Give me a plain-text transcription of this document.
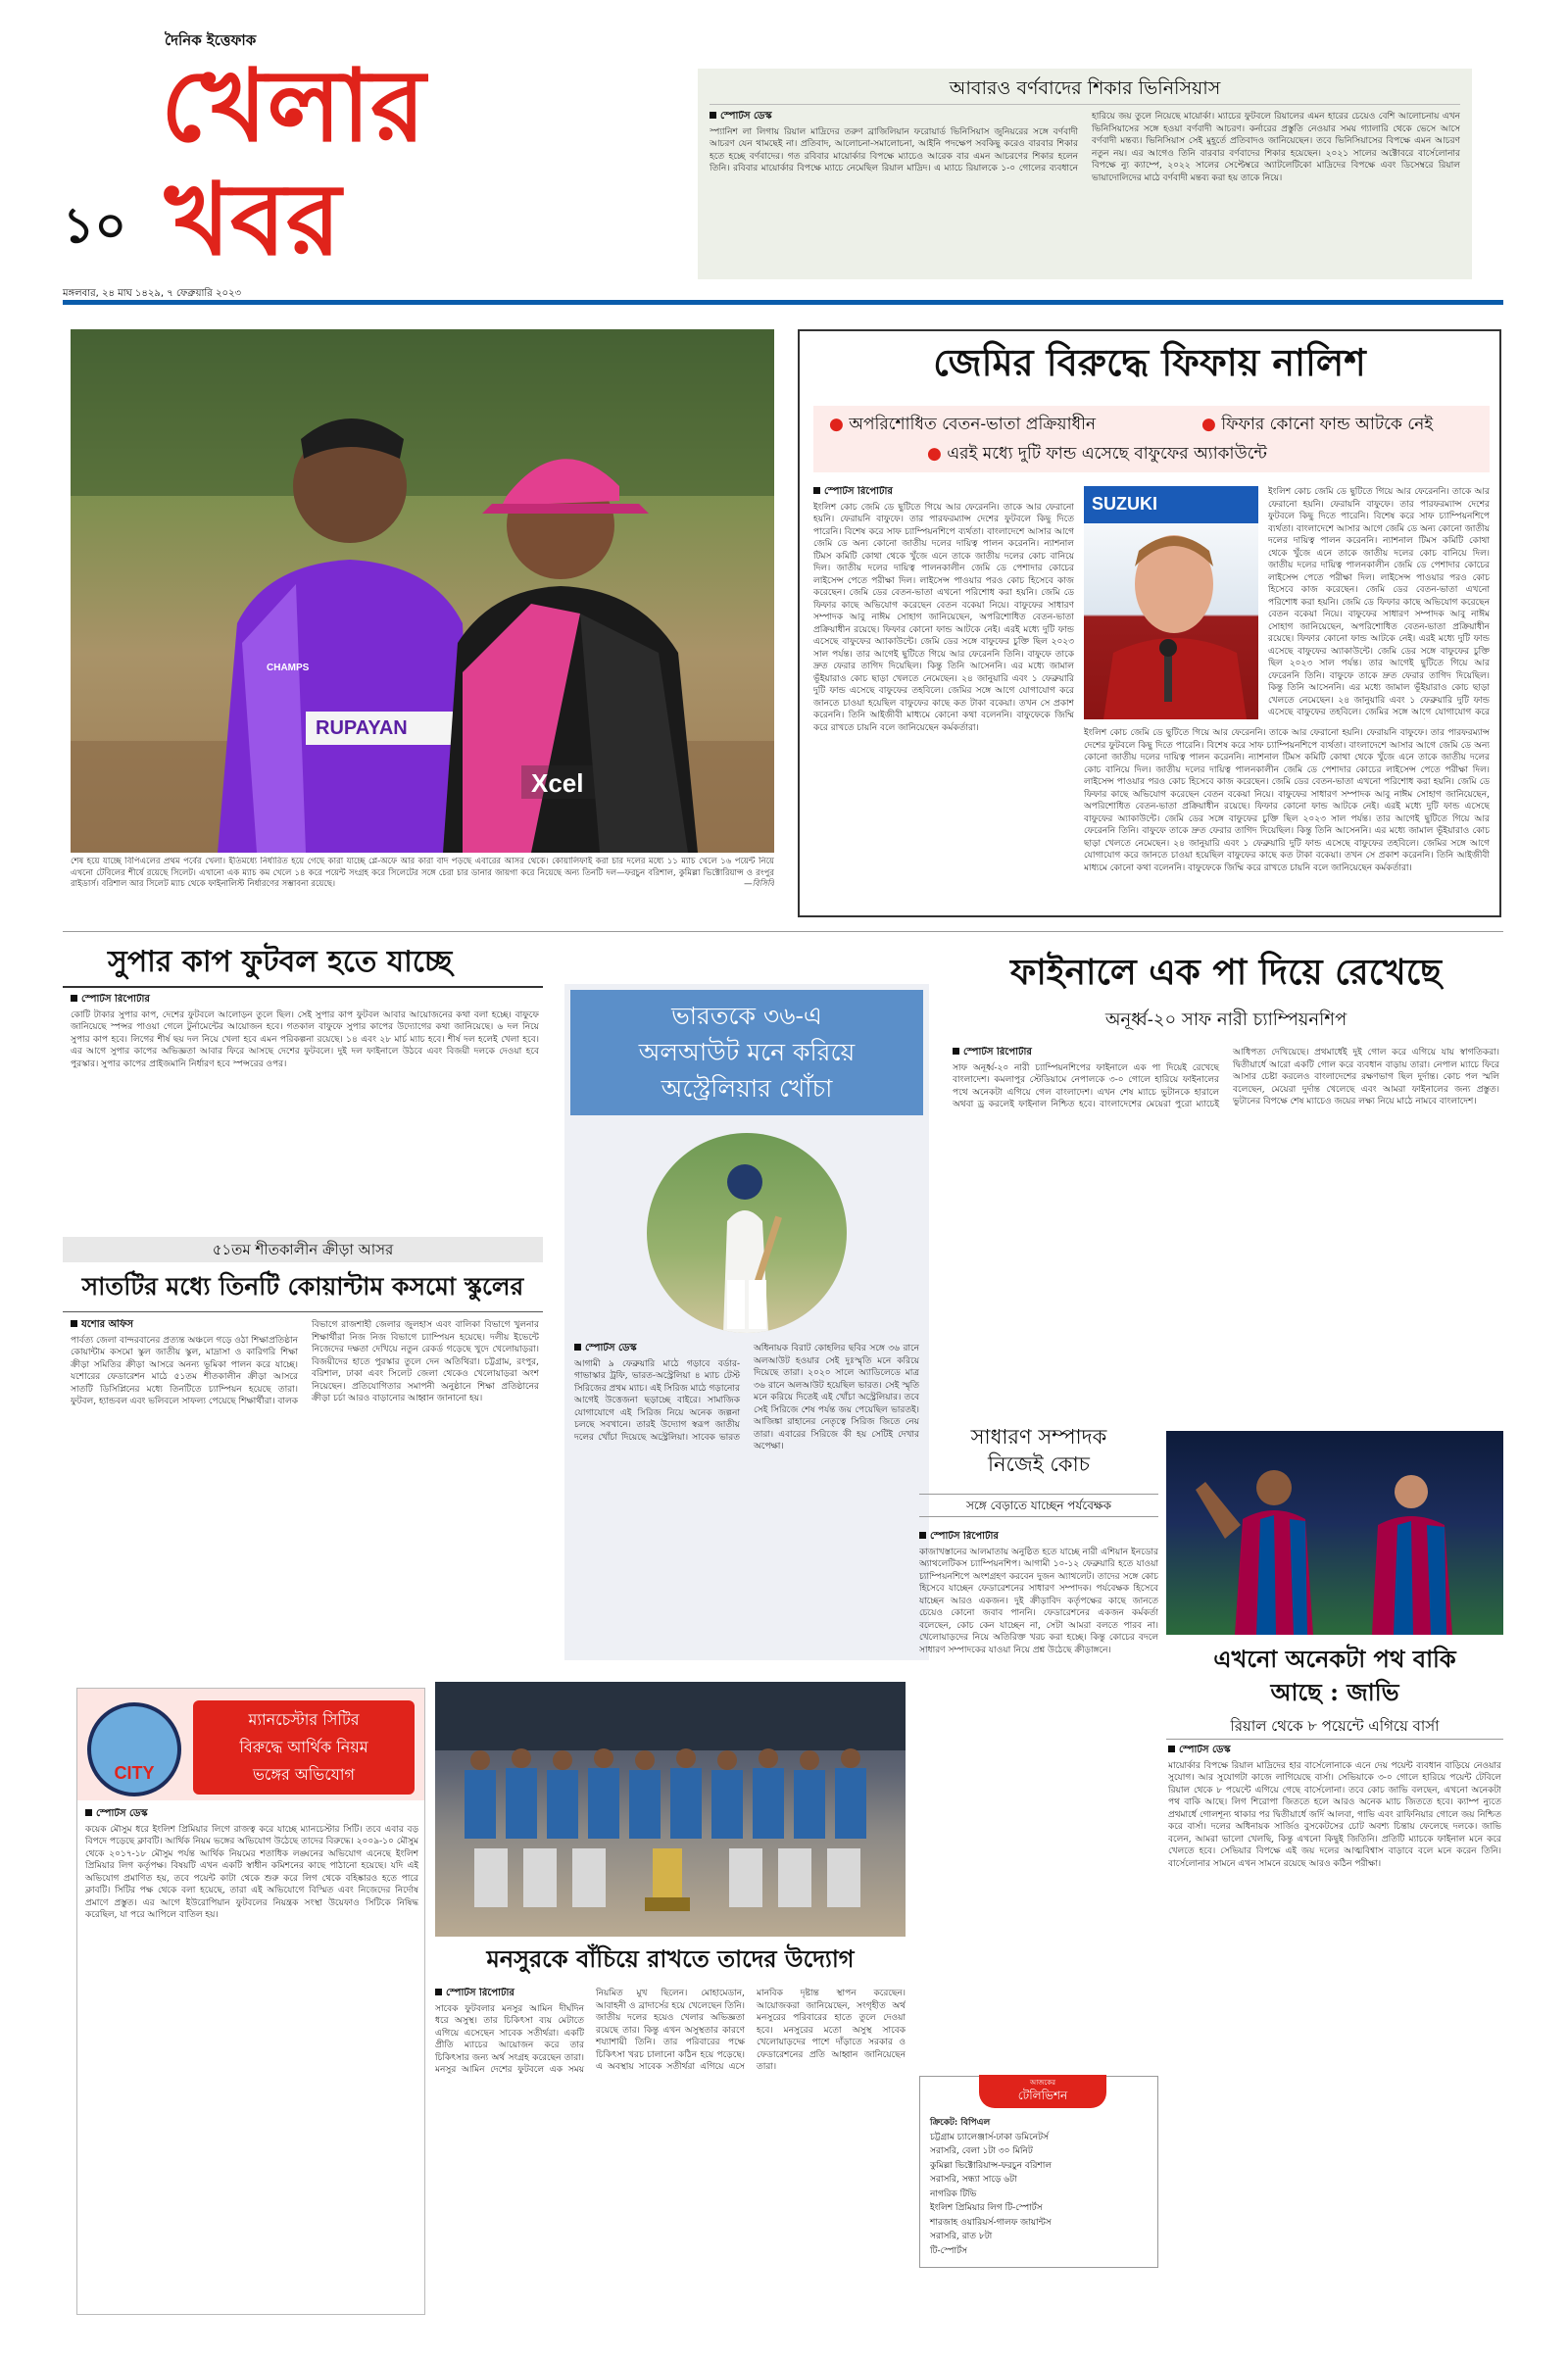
দৈনিক ইত্তেফাক
খেলার
১০ খবর
মঙ্গলবার, ২৪ মাঘ ১৪২৯, ৭ ফেব্রুয়ারি ২০২৩
আবারও বর্ণবাদের শিকার ভিনিসিয়াস
স্পোর্টস ডেস্ক
স্প্যানিশ লা লিগায় রিয়াল মাদ্রিদের তরুণ ব্রাজিলিয়ান ফরোয়ার্ড ভিনিসিয়াস জুনিয়রের সঙ্গে বর্ণবাদী আচরণ যেন থামছেই না। প্রতিবাদ, আলোচনা-সমালোচনা, আইনি পদক্ষেপ সবকিছু করেও বারবার শিকার হতে হচ্ছে বর্ণবাদের। গত রবিবার মায়োর্কার বিপক্ষে ম্যাচেও আরেক বার এমন আচরণের শিকার হলেন তিনি। রবিবার মায়োর্কার বিপক্ষে ম্যাচে নেমেছিল রিয়াল মাদ্রিদ। এ ম্যাচে রিয়ালকে ১-০ গোলের ব্যবধানে হারিয়ে জয় তুলে নিয়েছে মায়োর্কা। ম্যাচের ফুটবলে রিয়ালের এমন হারের চেয়েও বেশি আলোচনায় এখন ভিনিসিয়াসের সঙ্গে হওয়া বর্ণবাদী আচরণ। কর্নারের প্রস্তুতি নেওয়ার সময় গ্যালারি থেকে ভেসে আসে বর্ণবাদী মন্তব্য। ভিনিসিয়াস সেই মুহূর্তে প্রতিবাদও জানিয়েছেন। তবে ভিনিসিয়াসের বিপক্ষে এমন আচরণ নতুন নয়। এর আগেও তিনি বারবার বর্ণবাদের শিকার হয়েছেন। ২০২১ সালের অক্টোবরে বার্সেলোনার বিপক্ষে ন্যু ক্যাম্পে, ২০২২ সালের সেপ্টেম্বরে অ্যাটলেটিকো মাদ্রিদের বিপক্ষে এবং ডিসেম্বরে রিয়াল ভায়াদোলিদের মাঠে বর্ণবাদী মন্তব্য করা হয় তাকে নিয়ে।
RUPAYAN
CHAMPS
Xcel
শেষ হয়ে যাচ্ছে বিপিএলের প্রথম পর্বের খেলা। ইতিমধ্যে নির্ধারিত হয়ে গেছে কারা যাচ্ছে প্লে-অফে আর কারা বাদ পড়ছে এবারের আসর থেকে। কোয়ালিফাই করা চার দলের মধ্যে ১১ ম্যাচ খেলে ১৬ পয়েন্ট নিয়ে এখনো টেবিলের শীর্ষে রয়েছে সিলেট। এখানো এক ম্যাচ কম খেলে ১৪ করে পয়েন্ট সংগ্রহ করে সিলেটের সঙ্গে চেরা চার ডানার জায়গা করে নিয়েছে অন্য তিনটি দল—ফরচুন বরিশাল, কুমিল্লা ভিক্টোরিয়ান্স ও রংপুর রাইডার্স। বরিশাল আর সিলেট ম্যাচ থেকে ফাইনালিস্ট নির্ধারণের সম্ভাবনা রয়েছে।	—বিসিবি
জেমির বিরুদ্ধে ফিফায় নালিশ
● অপরিশোধিত বেতন-ভাতা প্রক্রিয়াধীন	● ফিফার কোনো ফান্ড আটকে নেই
● এরই মধ্যে দুটি ফান্ড এসেছে বাফুফের অ্যাকাউন্টে
SUZUKI
স্পোর্টস রিপোর্টার
ইংলিশ কোচ জেমি ডে ছুটিতে গিয়ে আর ফেরেননি। তাকে আর ফেরানো হয়নি। ফেরায়নি বাফুফে। তার পারফরম্যান্স দেশের ফুটবলে কিছু দিতে পারেনি। বিশেষ করে সাফ চ্যাম্পিয়নশিপে ব্যর্থতা। বাংলাদেশে আসার আগে জেমি ডে অন্য কোনো জাতীয় দলের দায়িত্ব পালন করেননি। ন্যাশনাল টিমস কমিটি কোথা থেকে খুঁজে এনে তাকে জাতীয় দলের কোচ বানিয়ে দিল। জাতীয় দলের দায়িত্ব পালনকালীন জেমি ডে পেশাদার কোচের লাইসেন্স পেতে পরীক্ষা দিল। লাইসেন্স পাওয়ার পরও কোচ হিসেবে কাজ করেছেন। জেমি ডের বেতন-ভাতা এখনো পরিশোধ করা হয়নি। জেমি ডে ফিফার কাছে অভিযোগ করেছেন বেতন বকেয়া নিয়ে। বাফুফের সাধারণ সম্পাদক আবু নাঈম সোহাগ জানিয়েছেন, অপরিশোধিত বেতন-ভাতা প্রক্রিয়াধীন রয়েছে। ফিফার কোনো ফান্ড আটকে নেই। এরই মধ্যে দুটি ফান্ড এসেছে বাফুফের অ্যাকাউন্টে। জেমি ডের সঙ্গে বাফুফের চুক্তি ছিল ২০২৩ সাল পর্যন্ত। তার আগেই ছুটিতে গিয়ে আর ফেরেননি তিনি। বাফুফে তাকে দ্রুত ফেরার তাগিদ দিয়েছিল। কিন্তু তিনি আসেননি। এর মধ্যে জামাল ভূঁইয়ারাও কোচ ছাড়া খেলতে নেমেছেন। ২৪ জানুয়ারি এবং ১ ফেব্রুয়ারি দুটি ফান্ড এসেছে বাফুফের তহবিলে। জেমির সঙ্গে আগে যোগাযোগ করে জানতে চাওয়া হয়েছিল বাফুফের কাছে কত টাকা বকেয়া। তখন সে প্রকাশ করেননি। তিনি আইজীবী মাধ্যমে কোনো কথা বলেননি। বাফুফেকে জিম্মি করে রাখতে চায়নি বলে জানিয়েছেন কর্মকর্তারা।
ইংলিশ কোচ জেমি ডে ছুটিতে গিয়ে আর ফেরেননি। তাকে আর ফেরানো হয়নি। ফেরায়নি বাফুফে। তার পারফরম্যান্স দেশের ফুটবলে কিছু দিতে পারেনি। বিশেষ করে সাফ চ্যাম্পিয়নশিপে ব্যর্থতা। বাংলাদেশে আসার আগে জেমি ডে অন্য কোনো জাতীয় দলের দায়িত্ব পালন করেননি। ন্যাশনাল টিমস কমিটি কোথা থেকে খুঁজে এনে তাকে জাতীয় দলের কোচ বানিয়ে দিল। জাতীয় দলের দায়িত্ব পালনকালীন জেমি ডে পেশাদার কোচের লাইসেন্স পেতে পরীক্ষা দিল। লাইসেন্স পাওয়ার পরও কোচ হিসেবে কাজ করেছেন। জেমি ডের বেতন-ভাতা এখনো পরিশোধ করা হয়নি। জেমি ডে ফিফার কাছে অভিযোগ করেছেন বেতন বকেয়া নিয়ে। বাফুফের সাধারণ সম্পাদক আবু নাঈম সোহাগ জানিয়েছেন, অপরিশোধিত বেতন-ভাতা প্রক্রিয়াধীন রয়েছে। ফিফার কোনো ফান্ড আটকে নেই। এরই মধ্যে দুটি ফান্ড এসেছে বাফুফের অ্যাকাউন্টে। জেমি ডের সঙ্গে বাফুফের চুক্তি ছিল ২০২৩ সাল পর্যন্ত। তার আগেই ছুটিতে গিয়ে আর ফেরেননি তিনি। বাফুফে তাকে দ্রুত ফেরার তাগিদ দিয়েছিল। কিন্তু তিনি আসেননি। এর মধ্যে জামাল ভূঁইয়ারাও কোচ ছাড়া খেলতে নেমেছেন। ২৪ জানুয়ারি এবং ১ ফেব্রুয়ারি দুটি ফান্ড এসেছে বাফুফের তহবিলে। জেমির সঙ্গে আগে যোগাযোগ করে
ইংলিশ কোচ জেমি ডে ছুটিতে গিয়ে আর ফেরেননি। তাকে আর ফেরানো হয়নি। ফেরায়নি বাফুফে। তার পারফরম্যান্স দেশের ফুটবলে কিছু দিতে পারেনি। বিশেষ করে সাফ চ্যাম্পিয়নশিপে ব্যর্থতা। বাংলাদেশে আসার আগে জেমি ডে অন্য কোনো জাতীয় দলের দায়িত্ব পালন করেননি। ন্যাশনাল টিমস কমিটি কোথা থেকে খুঁজে এনে তাকে জাতীয় দলের কোচ বানিয়ে দিল। জাতীয় দলের দায়িত্ব পালনকালীন জেমি ডে পেশাদার কোচের লাইসেন্স পেতে পরীক্ষা দিল। লাইসেন্স পাওয়ার পরও কোচ হিসেবে কাজ করেছেন। জেমি ডের বেতন-ভাতা এখনো পরিশোধ করা হয়নি। জেমি ডে ফিফার কাছে অভিযোগ করেছেন বেতন বকেয়া নিয়ে। বাফুফের সাধারণ সম্পাদক আবু নাঈম সোহাগ জানিয়েছেন, অপরিশোধিত বেতন-ভাতা প্রক্রিয়াধীন রয়েছে। ফিফার কোনো ফান্ড আটকে নেই। এরই মধ্যে দুটি ফান্ড এসেছে বাফুফের অ্যাকাউন্টে। জেমি ডের সঙ্গে বাফুফের চুক্তি ছিল ২০২৩ সাল পর্যন্ত। তার আগেই ছুটিতে গিয়ে আর ফেরেননি তিনি। বাফুফে তাকে দ্রুত ফেরার তাগিদ দিয়েছিল। কিন্তু তিনি আসেননি। এর মধ্যে জামাল ভূঁইয়ারাও কোচ ছাড়া খেলতে নেমেছেন। ২৪ জানুয়ারি এবং ১ ফেব্রুয়ারি দুটি ফান্ড এসেছে বাফুফের তহবিলে। জেমির সঙ্গে আগে যোগাযোগ করে জানতে চাওয়া হয়েছিল বাফুফের কাছে কত টাকা বকেয়া। তখন সে প্রকাশ করেননি। তিনি আইজীবী মাধ্যমে কোনো কথা বলেননি। বাফুফেকে জিম্মি করে রাখতে চায়নি বলে জানিয়েছেন কর্মকর্তারা।
সুপার কাপ ফুটবল হতে যাচ্ছে
স্পোর্টস রিপোর্টার
কোটি টাকার সুপার কাপ, দেশের ফুটবলে আলোড়ন তুলে ছিল। সেই সুপার কাপ ফুটবল আবার আয়োজনের কথা বলা হচ্ছে। বাফুফে জানিয়েছে স্পন্সর পাওয়া গেলে টুর্নামেন্টের আয়োজন হবে। গতকাল বাফুফে সুপার কাপের উদ্যোগের কথা জানিয়েছে। ৬ দল নিয়ে সুপার কাপ হবে। লিগের শীর্ষ ছয় দল নিয়ে খেলা হবে এমন পরিকল্পনা রয়েছে। ১৪ এবং ২৮ মার্চ ম্যাচ হবে। শীর্ষ দল হলেই খেলা হবে। এর আগে সুপার কাপের অভিজ্ঞতা আবার ফিরে আসছে দেশের ফুটবলে। দুই দল ফাইনালে উঠবে এবং বিজয়ী দলকে দেওয়া হবে পুরস্কার। সুপার কাপের প্রাইজমানি নির্ধারণ হবে স্পন্সরের ওপর।
৫১তম শীতকালীন ক্রীড়া আসর
সাতটির মধ্যে তিনটি কোয়ান্টাম কসমো স্কুলের
যশোর অফিস
পার্বত্য জেলা বান্দরবানের প্রত্যন্ত অঞ্চলে গড়ে ওঠা শিক্ষাপ্রতিষ্ঠান কোয়ান্টাম কসমো স্কুল জাতীয় স্কুল, মাদ্রাসা ও কারিগরি শিক্ষা ক্রীড়া সমিতির ক্রীড়া আসরে অনন্য ভূমিকা পালন করে যাচ্ছে। যশোরের ফেডারেশন মাঠে ৫১তম শীতকালীন ক্রীড়া আসরে সাতটি ডিসিপ্লিনের মধ্যে তিনটিতে চ্যাম্পিয়ন হয়েছে তারা। ফুটবল, হ্যান্ডবল এবং ভলিবলে সাফল্য পেয়েছে শিক্ষার্থীরা। বালক বিভাগে রাজশাহী জেলার জুলহাস এবং বালিকা বিভাগে খুলনার শিক্ষার্থীরা নিজ নিজ বিভাগে চ্যাম্পিয়ন হয়েছে। দলীয় ইভেন্টে নিজেদের দক্ষতা দেখিয়ে নতুন রেকর্ড গড়েছে খুদে খেলোয়াড়রা। বিজয়ীদের হাতে পুরস্কার তুলে দেন অতিথিরা। চট্টগ্রাম, রংপুর, বরিশাল, ঢাকা এবং সিলেট জেলা থেকেও খেলোয়াড়রা অংশ নিয়েছেন। প্রতিযোগিতার সমাপনী অনুষ্ঠানে শিক্ষা প্রতিষ্ঠানের ক্রীড়া চর্চা আরও বাড়ানোর আহ্বান জানানো হয়।
ভারতকে ৩৬-এ
অলআউট মনে করিয়ে
অস্ট্রেলিয়ার খোঁচা
স্পোর্টস ডেস্ক
আগামী ৯ ফেব্রুয়ারি মাঠে গড়াবে বর্ডার-গাভাস্কার ট্রফি, ভারত-অস্ট্রেলিয়া ৪ ম্যাচ টেস্ট সিরিজের প্রথম ম্যাচ। এই সিরিজ মাঠে গড়ানোর আগেই উত্তেজনা ছড়াচ্ছে বাইরে। সামাজিক যোগাযোগে এই সিরিজ নিয়ে অনেক জল্পনা চলছে সবখানে। তারই উদ্যোগ স্বরূপ জাতীয় দলের খোঁচা দিয়েছে অস্ট্রেলিয়া। সাবেক ভারত অধিনায়ক বিরাট কোহলির ছবির সঙ্গে ৩৬ রানে অলআউট হওয়ার সেই দুঃস্মৃতি মনে করিয়ে দিয়েছে তারা। ২০২০ সালে অ্যাডিলেডে মাত্র ৩৬ রানে অলআউট হয়েছিল ভারত। সেই স্মৃতি মনে করিয়ে দিতেই এই খোঁচা অস্ট্রেলিয়ার। তবে সেই সিরিজে শেষ পর্যন্ত জয় পেয়েছিল ভারতই। আজিঙ্কা রাহানের নেতৃত্বে সিরিজ জিতে নেয় তারা। এবারের সিরিজে কী হয় সেটিই দেখার অপেক্ষা।
ফাইনালে এক পা দিয়ে রেখেছে
অনূর্ধ্ব-২০ সাফ নারী চ্যাম্পিয়নশিপ
স্পোর্টস রিপোর্টার
সাফ অনূর্ধ্ব-২০ নারী চ্যাম্পিয়নশিপের ফাইনালে এক পা দিয়েই রেখেছে বাংলাদেশ। কমলাপুর স্টেডিয়ামে নেপালকে ৩-০ গোলে হারিয়ে ফাইনালের পথে অনেকটা এগিয়ে গেল বাংলাদেশ। এখন শেষ ম্যাচে ভুটানকে হারালে অথবা ড্র করলেই ফাইনাল নিশ্চিত হবে। বাংলাদেশের মেয়েরা পুরো ম্যাচেই আধিপত্য দেখিয়েছে। প্রথমার্ধেই দুই গোল করে এগিয়ে যায় স্বাগতিকরা। দ্বিতীয়ার্ধে আরো একটি গোল করে ব্যবধান বাড়ায় তারা। নেপাল ম্যাচে ফিরে আসার চেষ্টা করলেও বাংলাদেশের রক্ষণভাগ ছিল দুর্দান্ত। কোচ পল স্মলি বলেছেন, মেয়েরা দুর্দান্ত খেলেছে এবং আমরা ফাইনালের জন্য প্রস্তুত। ভুটানের বিপক্ষে শেষ ম্যাচেও জয়ের লক্ষ্য নিয়ে মাঠে নামবে বাংলাদেশ।
সাধারণ সম্পাদক
নিজেই কোচ
সঙ্গে বেড়াতে যাচ্ছেন পর্যবেক্ষক
স্পোর্টস রিপোর্টার
কাজাখস্তানের আলমাতায় অনুষ্ঠিত হতে যাচ্ছে নারী এশিয়ান ইনডোর অ্যাথলেটিকস চ্যাম্পিয়নশিপ। আগামী ১০-১২ ফেব্রুয়ারি হতে যাওয়া চ্যাম্পিয়নশিপে অংশগ্রহণ করবেন দুজন অ্যাথলেট। তাদের সঙ্গে কোচ হিসেবে যাচ্ছেন ফেডারেশনের সাধারণ সম্পাদক। পর্যবেক্ষক হিসেবে যাচ্ছেন আরও একজন। দুই ক্রীড়াবিদ কর্তৃপক্ষের কাছে জানতে চেয়েও কোনো জবাব পাননি। ফেডারেশনের একজন কর্মকর্তা বলেছেন, কোচ কেন যাচ্ছেন না, সেটা আমরা বলতে পারব না। খেলোয়াড়দের নিয়ে অতিরিক্ত খরচ করা হচ্ছে। কিন্তু কোচের বদলে সাধারণ সম্পাদকের যাওয়া নিয়ে প্রশ্ন উঠেছে ক্রীড়াঙ্গনে।
আজকের
টেলিভিশন
ক্রিকেট: বিপিএল
চট্টগ্রাম চ্যালেঞ্জার্স-ঢাকা ডমিনেটর্স
সরাসরি, বেলা ১টা ৩০ মিনিট
কুমিল্লা ভিক্টোরিয়ান্স-ফরচুন বরিশাল
সরাসরি, সন্ধ্যা সাড়ে ৬টা
নাগরিক টিভি
ইংলিশ প্রিমিয়ার লিগ টি-স্পোর্টস
শারজাহ ওয়ারিয়র্স-গালফ জায়ান্টস
সরাসরি, রাত ৮টা
টি-স্পোর্টস
এখনো অনেকটা পথ বাকি
আছে : জাভি
রিয়াল থেকে ৮ পয়েন্টে এগিয়ে বার্সা
স্পোর্টস ডেস্ক
মায়োর্কার বিপক্ষে রিয়াল মাদ্রিদের হার বার্সেলোনাকে এনে দেয় পয়েন্ট ব্যবধান বাড়িয়ে নেওয়ার সুযোগ। আর সুযোগটা কাজে লাগিয়েছে বার্সা। সেভিয়াকে ৩-০ গোলে হারিয়ে পয়েন্ট টেবিলে রিয়াল থেকে ৮ পয়েন্টে এগিয়ে গেছে বার্সেলোনা। তবে কোচ জাভি বলছেন, এখনো অনেকটা পথ বাকি আছে। লিগ শিরোপা জিততে হলে আরও অনেক ম্যাচ জিততে হবে। ক্যাম্প ন্যুতে প্রথমার্ধে গোলশূন্য থাকার পর দ্বিতীয়ার্ধে জর্দি আলবা, গাভি এবং রাফিনিয়ার গোলে জয় নিশ্চিত করে বার্সা। দলের অধিনায়ক সার্জিও বুসকেটসের চোট অবশ্য চিন্তায় ফেলেছে দলকে। জাভি বলেন, আমরা ভালো খেলছি, কিন্তু এখনো কিছুই জিতিনি। প্রতিটি ম্যাচকে ফাইনাল মনে করে খেলতে হবে। সেভিয়ার বিপক্ষে এই জয় দলের আত্মবিশ্বাস বাড়াবে বলে মনে করেন তিনি। বার্সেলোনার সামনে এখন সামনে রয়েছে আরও কঠিন পরীক্ষা।
CITY
ম্যানচেস্টার সিটির
বিরুদ্ধে আর্থিক নিয়ম
ভঙ্গের অভিযোগ
স্পোর্টস ডেস্ক
কয়েক মৌসুম ধরে ইংলিশ প্রিমিয়ার লিগে রাজত্ব করে যাচ্ছে ম্যানচেস্টার সিটি। তবে এবার বড় বিপদে পড়েছে ক্লাবটি। আর্থিক নিয়ম ভঙ্গের অভিযোগ উঠেছে তাদের বিরুদ্ধে। ২০০৯-১০ মৌসুম থেকে ২০১৭-১৮ মৌসুম পর্যন্ত আর্থিক নিয়মের শতাধিক লঙ্ঘনের অভিযোগ এনেছে ইংলিশ প্রিমিয়ার লিগ কর্তৃপক্ষ। বিষয়টি এখন একটি স্বাধীন কমিশনের কাছে পাঠানো হয়েছে। যদি এই অভিযোগ প্রমাণিত হয়, তবে পয়েন্ট কাটা থেকে শুরু করে লিগ থেকে বহিষ্কারও হতে পারে ক্লাবটি। সিটির পক্ষ থেকে বলা হয়েছে, তারা এই অভিযোগে বিস্মিত এবং নিজেদের নির্দোষ প্রমাণে প্রস্তুত। এর আগে ইউরোপিয়ান ফুটবলের নিয়ন্ত্রক সংস্থা উয়েফাও সিটিকে নিষিদ্ধ করেছিল, যা পরে আপিলে বাতিল হয়।
মনসুরকে বাঁচিয়ে রাখতে তাদের উদ্যোগ
স্পোর্টস রিপোর্টার
সাবেক ফুটবলার মনসুর আমিন দীর্ঘদিন ধরে অসুস্থ। তার চিকিৎসা ব্যয় মেটাতে এগিয়ে এসেছেন সাবেক সতীর্থরা। একটি প্রীতি ম্যাচের আয়োজন করে তার চিকিৎসার জন্য অর্থ সংগ্রহ করেছেন তারা। মনসুর আমিন দেশের ফুটবলে এক সময় নিয়মিত মুখ ছিলেন। মোহামেডান, আবাহনী ও ব্রাদার্সের হয়ে খেলেছেন তিনি। জাতীয় দলের হয়েও খেলার অভিজ্ঞতা রয়েছে তার। কিন্তু এখন অসুস্থতার কারণে শয্যাশায়ী তিনি। তার পরিবারের পক্ষে চিকিৎসা খরচ চালানো কঠিন হয়ে পড়েছে। এ অবস্থায় সাবেক সতীর্থরা এগিয়ে এসে মানবিক দৃষ্টান্ত স্থাপন করেছেন। আয়োজকরা জানিয়েছেন, সংগৃহীত অর্থ মনসুরের পরিবারের হাতে তুলে দেওয়া হবে। মনসুরের মতো অসুস্থ সাবেক খেলোয়াড়দের পাশে দাঁড়াতে সরকার ও ফেডারেশনের প্রতি আহ্বান জানিয়েছেন তারা।
